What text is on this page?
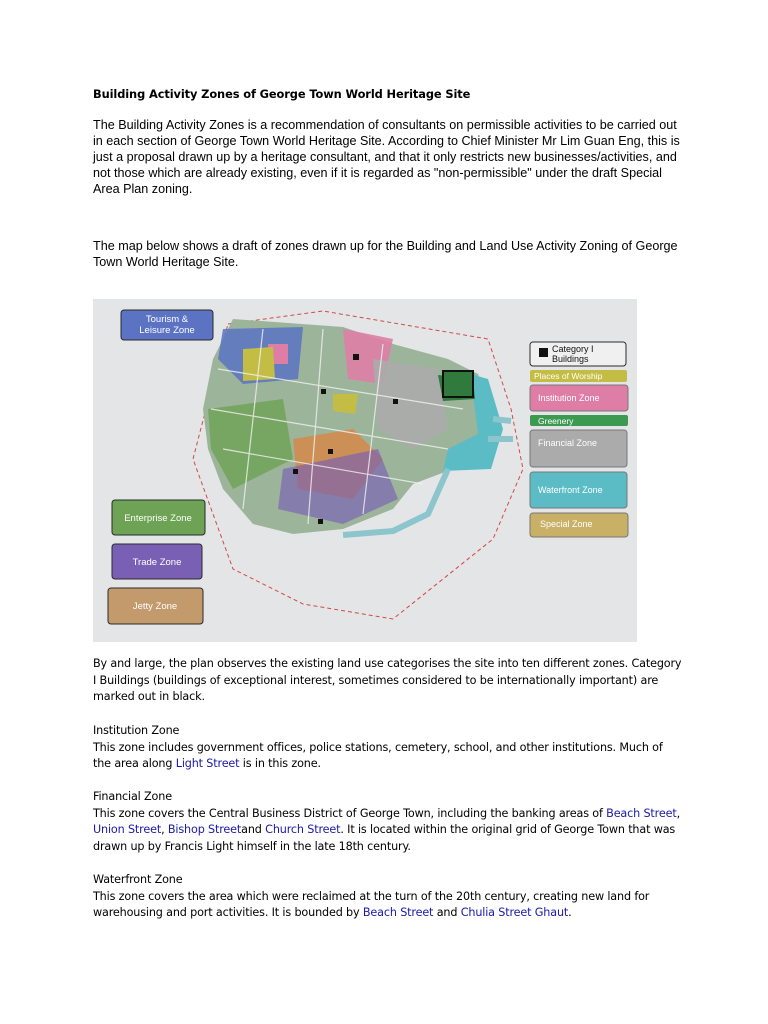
Building Activity Zones of George Town World Heritage Site
The Building Activity Zones is a recommendation of consultants on permissible activities to be carried out in each section of George Town World Heritage Site. According to Chief Minister Mr Lim Guan Eng, this is just a proposal drawn up by a heritage consultant, and that it only restricts new businesses/activities, and not those which are already existing, even if it is regarded as "non-permissible" under the draft Special Area Plan zoning.
The map below shows a draft of zones drawn up for the Building and Land Use Activity Zoning of George Town World Heritage Site.
Tourism &
Leisure Zone
Enterprise Zone
Trade Zone
Jetty Zone
Category I
Buildings
Places of Worship
Institution Zone
Greenery
Financial Zone
Waterfront Zone
Special Zone
By and large, the plan observes the existing land use categorises the site into ten different zones. Category I Buildings (buildings of exceptional interest, sometimes considered to be internationally important) are marked out in black.
Institution Zone
This zone includes government offices, police stations, cemetery, school, and other institutions. Much of the area along Light Street is in this zone.
Financial Zone
This zone covers the Central Business District of George Town, including the banking areas of Beach Street, Union Street, Bishop Streetand Church Street. It is located within the original grid of George Town that was drawn up by Francis Light himself in the late 18th century.
Waterfront Zone
This zone covers the area which were reclaimed at the turn of the 20th century, creating new land for warehousing and port activities. It is bounded by Beach Street and Chulia Street Ghaut.
